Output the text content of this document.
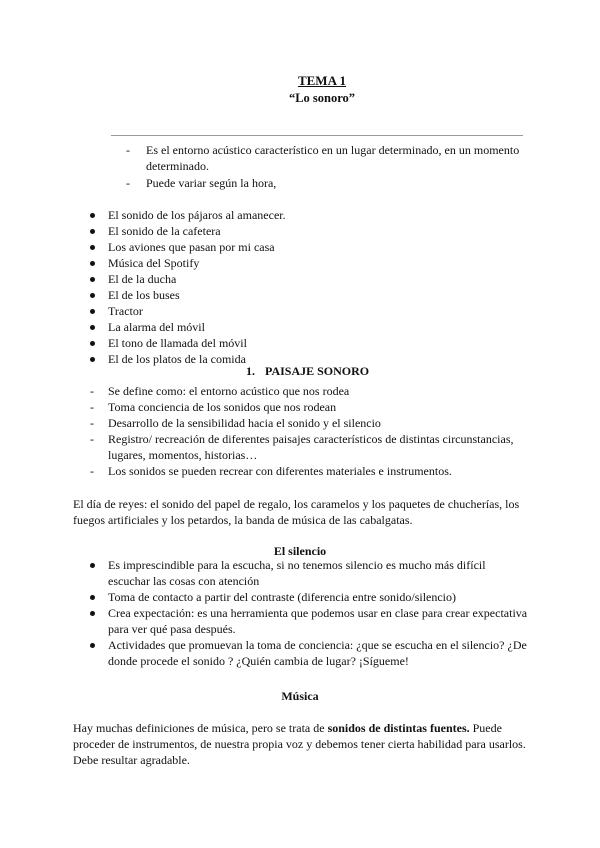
TEMA 1
“Lo sonoro”
- Es el entorno acústico característico en un lugar determinado, en un momento determinado.
- Puede variar según la hora,
El sonido de los pájaros al amanecer.
El sonido de la cafetera
Los aviones que pasan por mi casa
Música del Spotify
El de la ducha
El de los buses
Tractor
La alarma del móvil
El tono de llamada del móvil
El de los platos de la comida
1. PAISAJE SONORO
- Se define como: el entorno acústico que nos rodea
- Toma conciencia de los sonidos que nos rodean
- Desarrollo de la sensibilidad hacia el sonido y el silencio
- Registro/ recreación de diferentes paisajes característicos de distintas circunstancias, lugares, momentos, historias…
- Los sonidos se pueden recrear con diferentes materiales e instrumentos.

El día de reyes: el sonido del papel de regalo, los caramelos y los paquetes de chucherías, los fuegos artificiales y los petardos, la banda de música de las cabalgatas.

El silencio
Es imprescindible para la escucha, si no tenemos silencio es mucho más difícil escuchar las cosas con atención
Toma de contacto a partir del contraste (diferencia entre sonido/silencio)
Crea expectación: es una herramienta que podemos usar en clase para crear expectativa para ver qué pasa después.
Actividades que promuevan la toma de conciencia: ¿que se escucha en el silencio? ¿De donde procede el sonido ? ¿Quién cambia de lugar? ¡Sígueme!
Música

Hay muchas definiciones de música, pero se trata de sonidos de distintas fuentes. Puede proceder de instrumentos, de nuestra propia voz y debemos tener cierta habilidad para usarlos. Debe resultar agradable.
